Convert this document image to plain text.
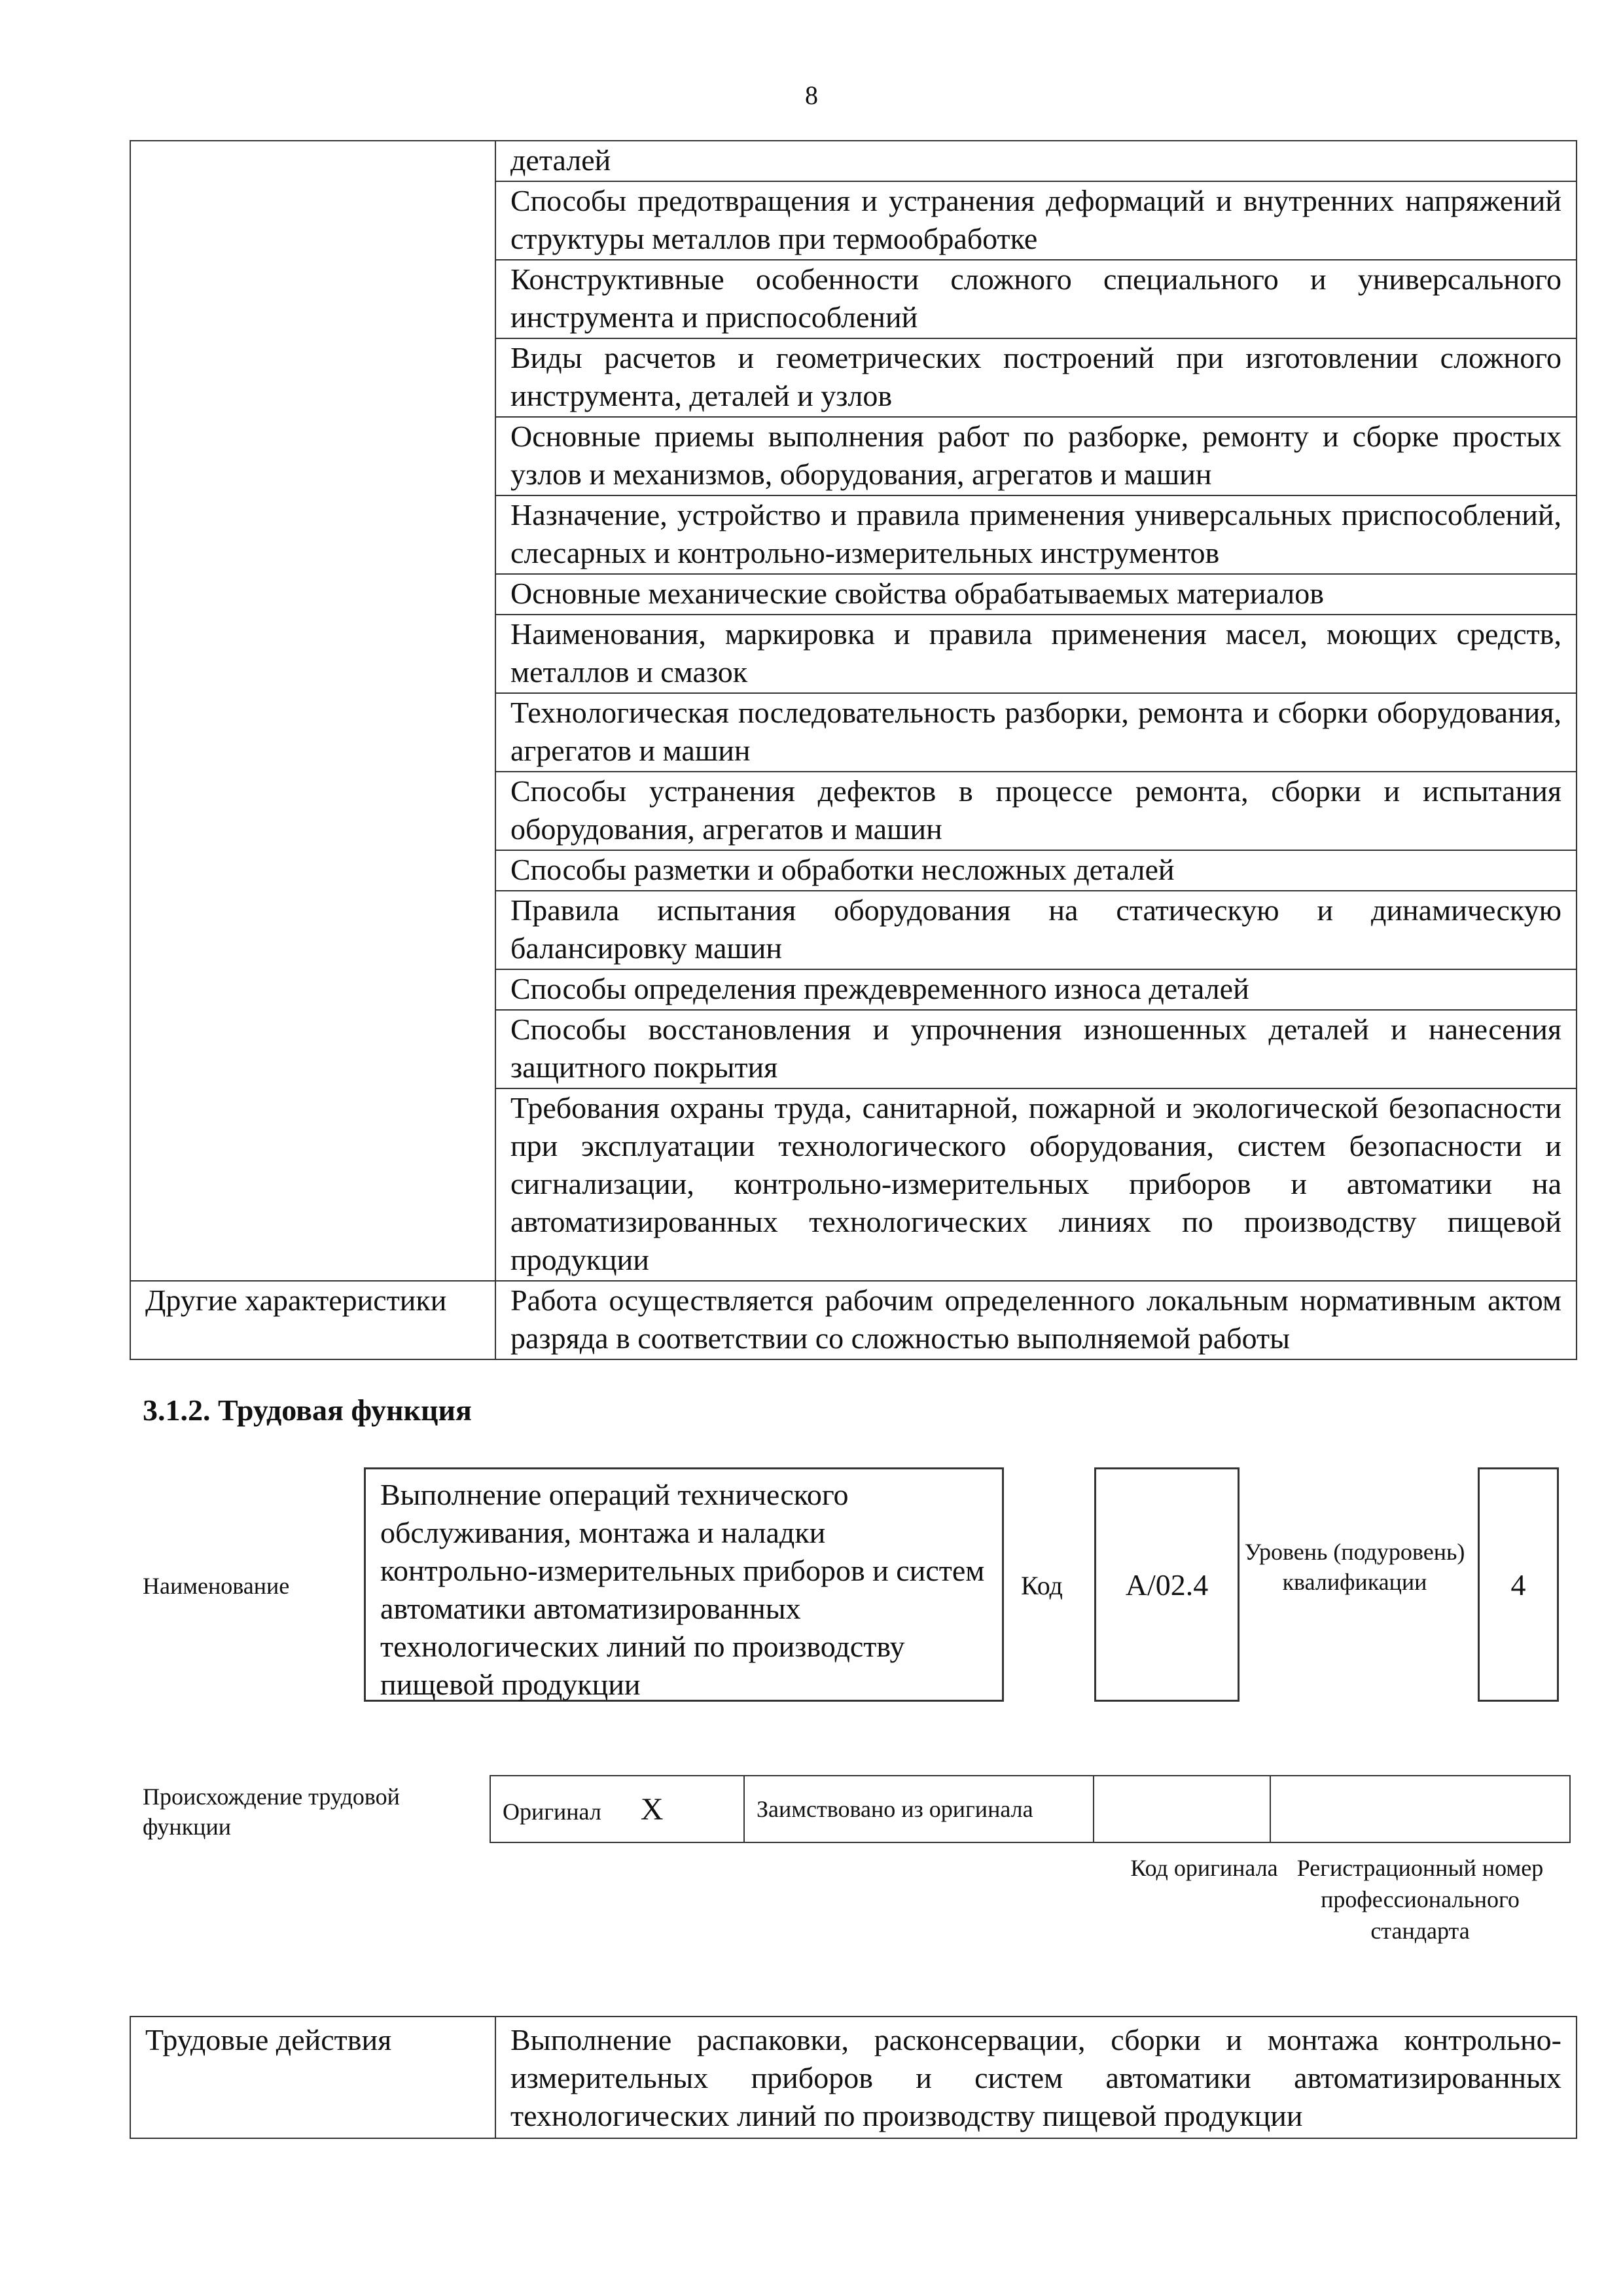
8

	деталей

	Способы предотвращения и устранения деформаций и внутренних напряжений структуры металлов при термообработке

	Конструктивные особенности сложного специального и универсального инструмента и приспособлений

	Виды расчетов и геометрических построений при изготовлении сложного инструмента, деталей и узлов

	Основные приемы выполнения работ по разборке, ремонту и сборке простых узлов и механизмов, оборудования, агрегатов и машин

	Назначение, устройство и правила применения универсальных приспособлений, слесарных и контрольно-измерительных инструментов

	Основные механические свойства обрабатываемых материалов

	Наименования, маркировка и правила применения масел, моющих средств, металлов и смазок

	Технологическая последовательность разборки, ремонта и сборки оборудования, агрегатов и машин

	Способы устранения дефектов в процессе ремонта, сборки и испытания оборудования, агрегатов и машин

	Способы разметки и обработки несложных деталей

	Правила испытания оборудования на статическую и динамическую балансировку машин

	Способы определения преждевременного износа деталей

	Способы восстановления и упрочнения изношенных деталей и нанесения защитного покрытия

	Требования охраны труда, санитарной, пожарной и экологической безопасности при эксплуатации технологического оборудования, систем безопасности и сигнализации, контрольно-измерительных приборов и автоматики на автоматизированных технологических линиях по производству пищевой продукции

Другие характеристики	Работа осуществляется рабочим определенного локальным нормативным актом разряда в соответствии со сложностью выполняемой работы
3.1.2. Трудовая функция
Наименование
Выполнение операций технического обслуживания, монтажа и наладки контрольно-измерительных приборов и систем автоматики автоматизированных технологических линий по производству пищевой продукции
Код	A/02.4
Уровень (подуровень) квалификации	4
Происхождение трудовой функции
Оригинал X	Заимствовано из оригинала		
Код оригинала Регистрационный номер профессионального стандарта
Трудовые действия	Выполнение распаковки, расконсервации, сборки и монтажа контрольно-измерительных приборов и систем автоматики автоматизированных технологических линий по производству пищевой продукции
